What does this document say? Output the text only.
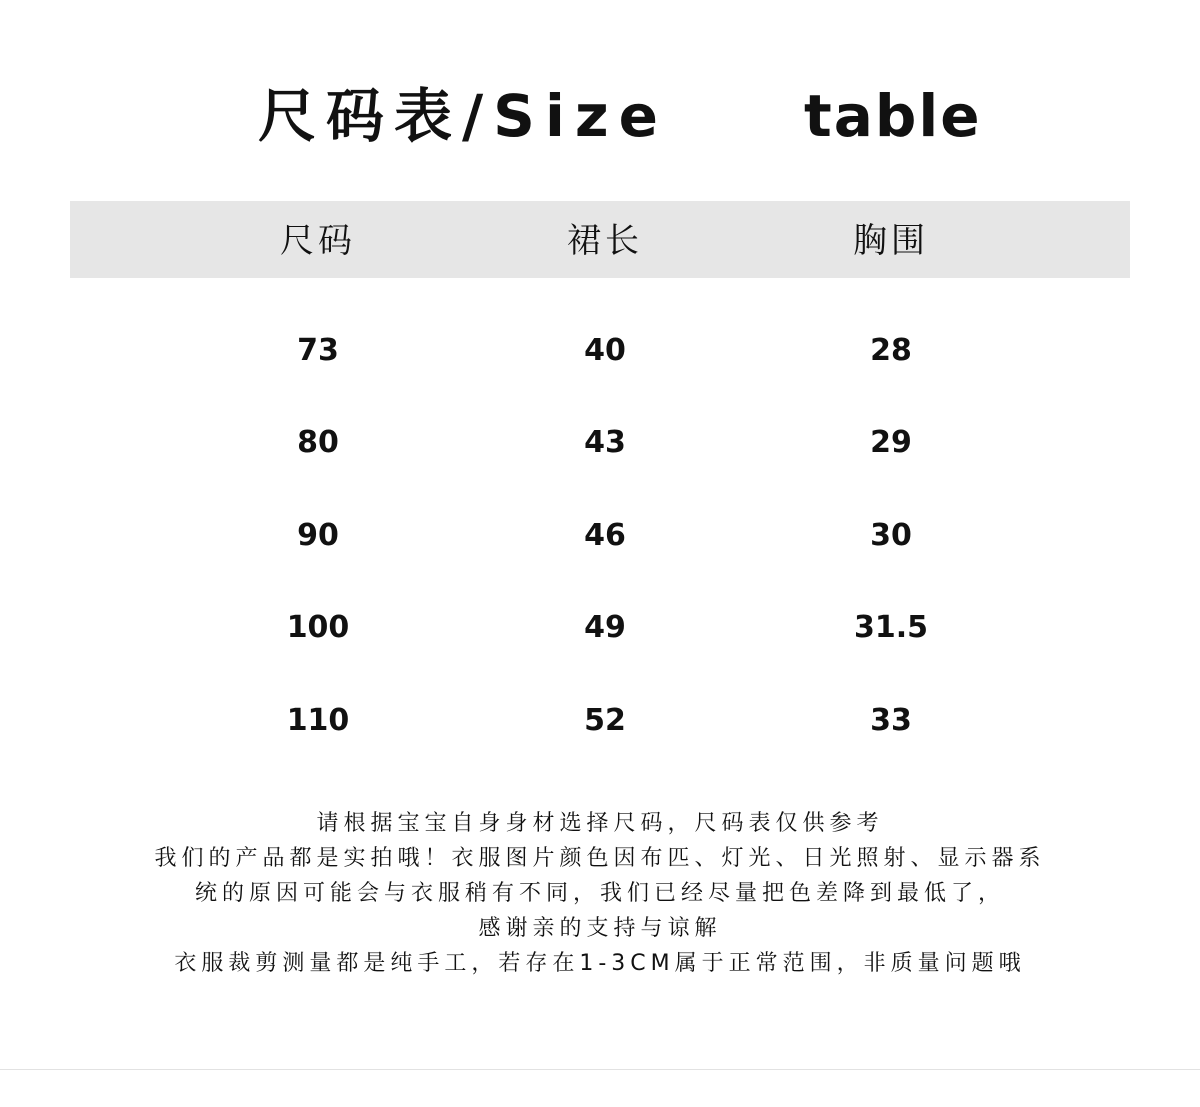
尺码表/Size table
尺码	裙长	胸围
73	40	28
80	43	29
90	46	30
100	49	31.5
110	52	33
请根据宝宝自身身材选择尺码，尺码表仅供参考
我们的产品都是实拍哦！衣服图片颜色因布匹、灯光、日光照射、显示器系
统的原因可能会与衣服稍有不同，我们已经尽量把色差降到最低了，
感谢亲的支持与谅解
衣服裁剪测量都是纯手工，若存在1-3CM属于正常范围，非质量问题哦
